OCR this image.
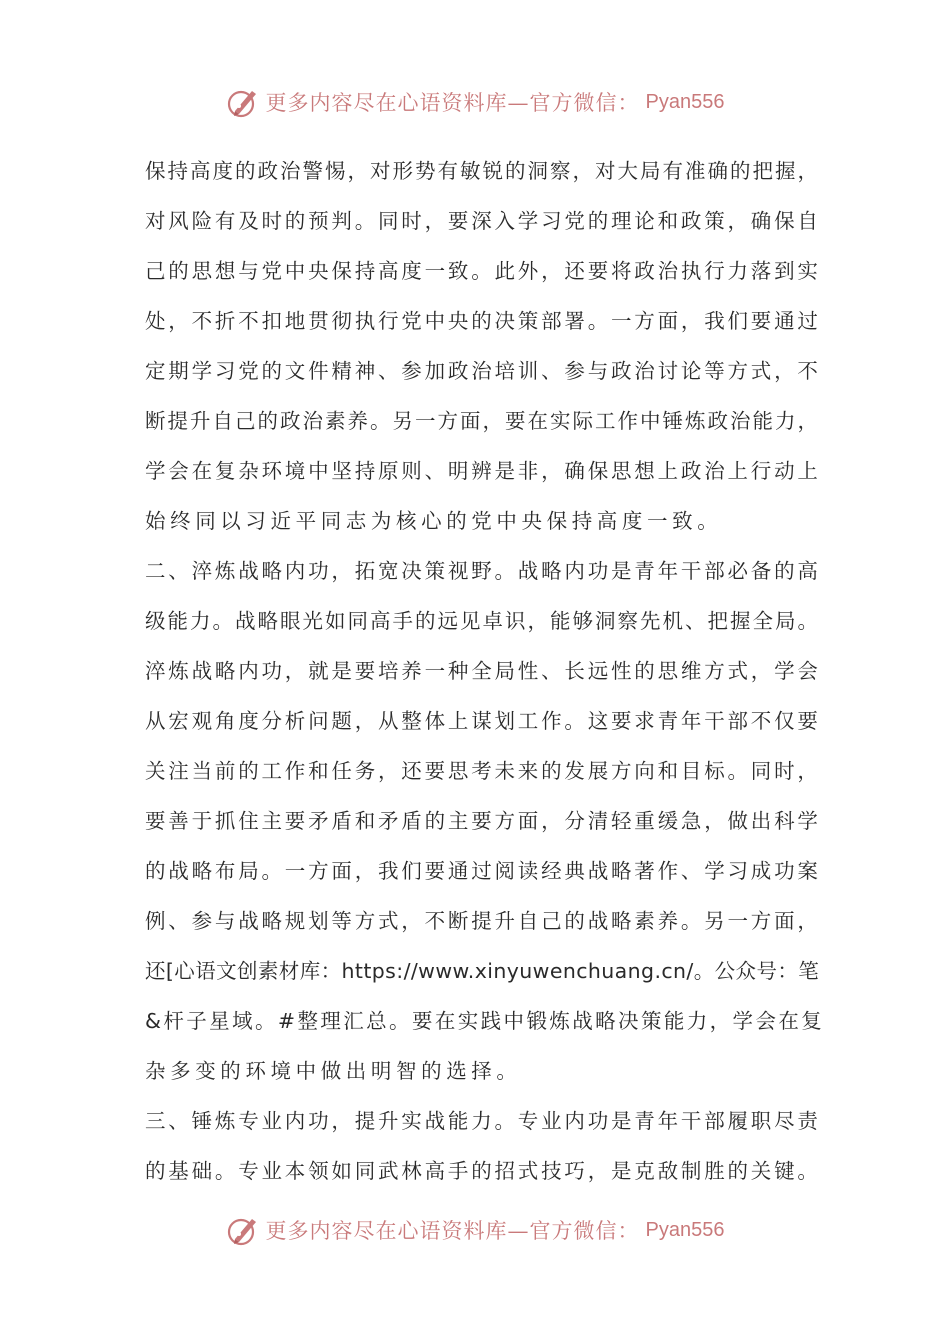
更多内容尽在心语资料库—官方微信： Pyan556
保持高度的政治警惕，对形势有敏锐的洞察，对大局有准确的把握，
对风险有及时的预判。同时，要深入学习党的理论和政策，确保自
己的思想与党中央保持高度一致。此外，还要将政治执行力落到实
处，不折不扣地贯彻执行党中央的决策部署。一方面，我们要通过
定期学习党的文件精神、参加政治培训、参与政治讨论等方式，不
断提升自己的政治素养。另一方面，要在实际工作中锤炼政治能力，
学会在复杂环境中坚持原则、明辨是非，确保思想上政治上行动上
始终同以习近平同志为核心的党中央保持高度一致。
二、淬炼战略内功，拓宽决策视野。战略内功是青年干部必备的高
级能力。战略眼光如同高手的远见卓识，能够洞察先机、把握全局。
淬炼战略内功，就是要培养一种全局性、长远性的思维方式，学会
从宏观角度分析问题，从整体上谋划工作。这要求青年干部不仅要
关注当前的工作和任务，还要思考未来的发展方向和目标。同时，
要善于抓住主要矛盾和矛盾的主要方面，分清轻重缓急，做出科学
的战略布局。一方面，我们要通过阅读经典战略著作、学习成功案
例、参与战略规划等方式，不断提升自己的战略素养。另一方面，
还[心语文创素材库：https://www.xinyuwenchuang.cn/。公众号：笔
&杆子星域。#整理汇总。要在实践中锻炼战略决策能力，学会在复
杂多变的环境中做出明智的选择。
三、锤炼专业内功，提升实战能力。专业内功是青年干部履职尽责
的基础。专业本领如同武林高手的招式技巧，是克敌制胜的关键。
更多内容尽在心语资料库—官方微信： Pyan556
